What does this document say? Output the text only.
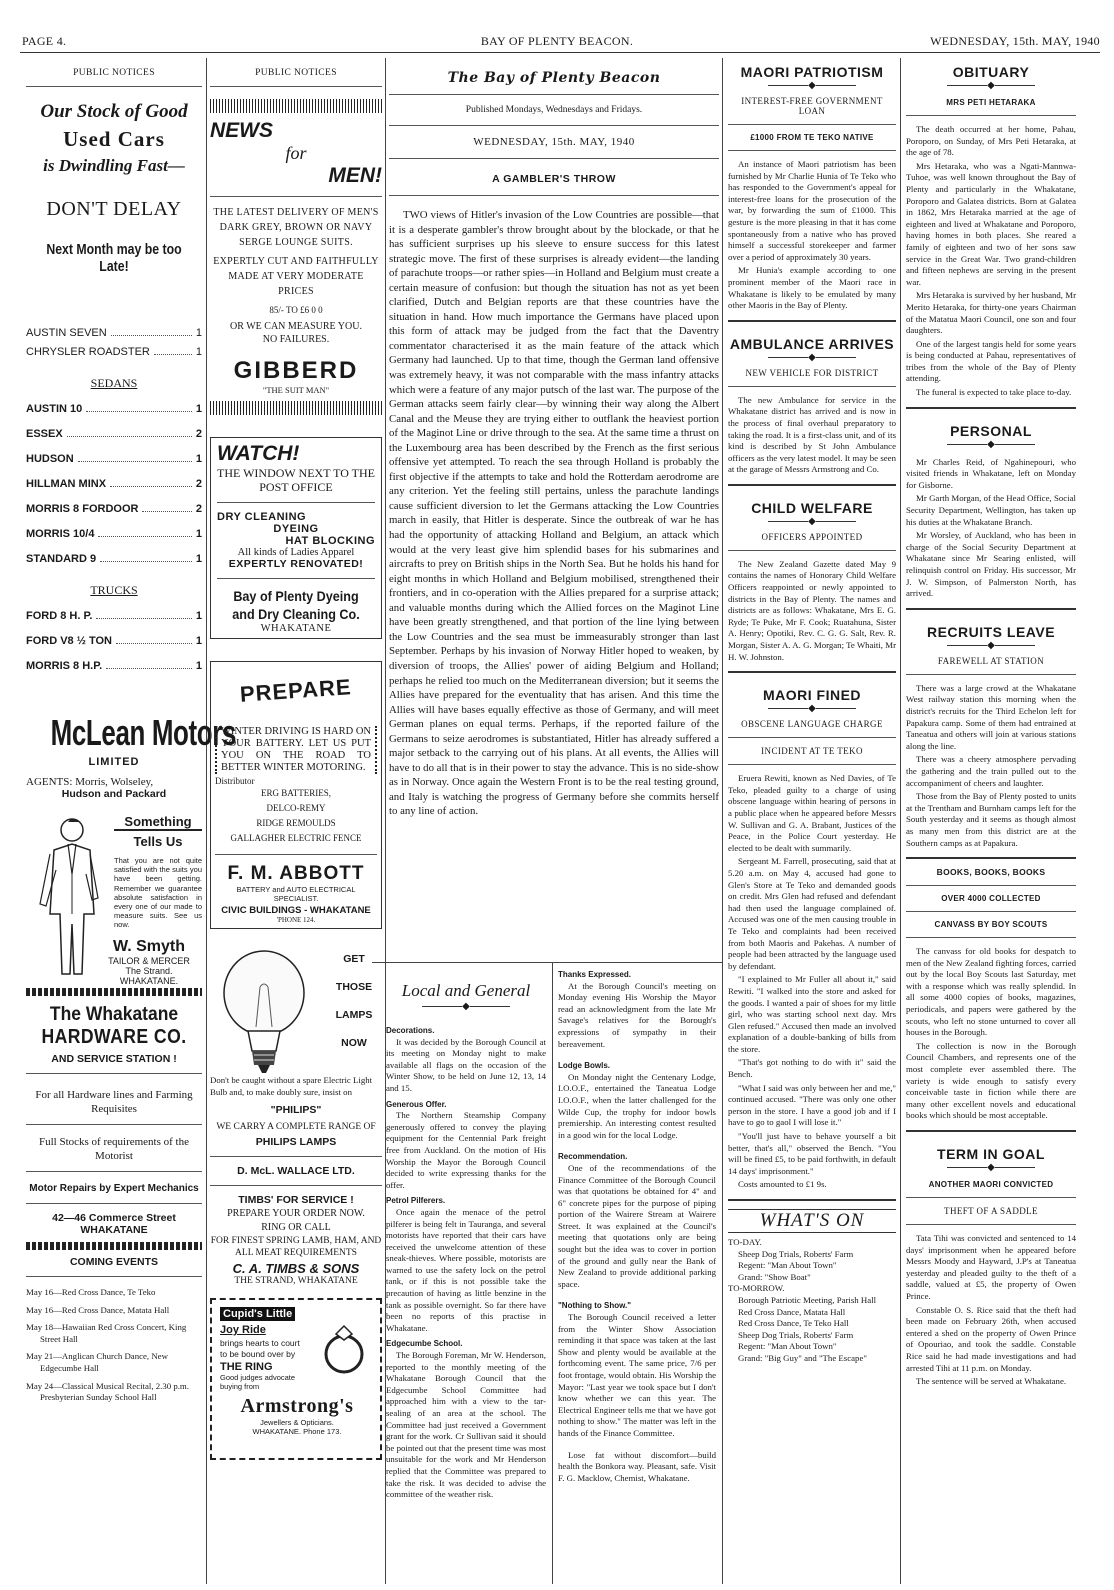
PAGE 4.	BAY OF PLENTY BEACON.	WEDNESDAY, 15th. MAY, 1940
PUBLIC NOTICES
Our Stock of Good
Used Cars
is Dwindling Fast—
DON'T DELAY
Next Month may be too Late!
AUSTIN SEVEN	1
CHRYSLER ROADSTER	1
SEDANS
AUSTIN 10	1
ESSEX	2
HUDSON	1
HILLMAN MINX	2
MORRIS 8 FORDOOR	2
MORRIS 10/4	1
STANDARD 9	1
TRUCKS
FORD 8 H. P.	1
FORD V8 ½ TON	1
MORRIS 8 H.P.	1
McLean Motors
LIMITED
AGENTS: Morris, Wolseley,
Hudson and Packard
Something
Tells Us
That you are not quite satisfied with the suits you have been getting. Remember we guarantee absolute satisfaction in every one of our made to measure suits. See us now.
W. Smyth
TAILOR & MERCER
The Strand.
WHAKATANE.
The Whakatane
HARDWARE CO.
AND SERVICE STATION !
For all Hardware lines and Farming Requisites
Full Stocks of requirements of the Motorist
Motor Repairs by Expert Mechanics
42—46 Commerce Street
WHAKATANE
COMING EVENTS
May 16—Red Cross Dance, Te Teko
May 16—Red Cross Dance, Matata Hall
May 18—Hawaiian Red Cross Concert, King Street Hall
May 21—Anglican Church Dance, New Edgecumbe Hall
May 24—Classical Musical Recital, 2.30 p.m. Presbyterian Sunday School Hall
PUBLIC NOTICES
NEWS
for
MEN!
THE LATEST DELIVERY OF MEN'S DARK GREY, BROWN OR NAVY SERGE LOUNGE SUITS.
EXPERTLY CUT AND FAITHFULLY MADE AT VERY MODERATE PRICES
85/- TO £6 0 0
OR WE CAN MEASURE YOU.
NO FAILURES.
GIBBERD
"THE SUIT MAN"
WATCH!
THE WINDOW NEXT TO THE POST OFFICE
DRY CLEANING
DYEING
HAT BLOCKING
All kinds of Ladies Apparel
EXPERTLY RENOVATED!
Bay of Plenty Dyeing and Dry Cleaning Co.
WHAKATANE
PREPARE
WINTER DRIVING IS HARD ON YOUR BATTERY. LET US PUT YOU ON THE ROAD TO BETTER WINTER MOTORING.
Distributor
ERG BATTERIES,
DELCO-REMY
RIDGE REMOULDS
GALLAGHER ELECTRIC FENCE
F. M. ABBOTT
BATTERY and AUTO ELECTRICAL SPECIALIST.
CIVIC BUILDINGS - WHAKATANE
'PHONE 124.
GET
THOSE
LAMPS
NOW
Don't be caught without a spare Electric Light Bulb and, to make doubly sure, insist on
"PHILIPS"
WE CARRY A COMPLETE RANGE OF
PHILIPS LAMPS
D. McL. WALLACE LTD.
TIMBS' FOR SERVICE !
PREPARE YOUR ORDER NOW.
RING OR CALL
FOR FINEST SPRING LAMB, HAM, AND ALL MEAT REQUIREMENTS
C. A. TIMBS & SONS
THE STRAND, WHAKATANE
Cupid's Little
Joy Ride
brings hearts to court to be bound over by
THE RING
Good judges advocate buying from
Armstrong's
Jewellers & Opticians.
WHAKATANE. Phone 173.
The Bay of Plenty Beacon
Published Mondays, Wednesdays and Fridays.
WEDNESDAY, 15th. MAY, 1940
A GAMBLER'S THROW
TWO views of Hitler's invasion of the Low Countries are possible—that it is a desperate gambler's throw brought about by the blockade, or that he has sufficient surprises up his sleeve to ensure success for this latest strategic move. The first of these surprises is already evident—the landing of parachute troops—or rather spies—in Holland and Belgium must create a certain measure of confusion: but though the situation has not as yet been clarified, Dutch and Belgian reports are that these countries have the situation in hand. How much importance the Germans have placed upon this form of attack may be judged from the fact that the Daventry commentator characterised it as the main feature of the attack which Germany had launched. Up to that time, though the German land offensive was extremely heavy, it was not comparable with the mass infantry attacks which were a feature of any major putsch of the last war. The purpose of the German attacks seem fairly clear—by winning their way along the Albert Canal and the Meuse they are trying either to outflank the heaviest portion of the Maginot Line or drive through to the sea. At the same time a thrust on the Luxembourg area has been described by the French as the first serious offensive yet attempted. To reach the sea through Holland is probably the first objective if the attempts to take and hold the Rotterdam aerodrome are any criterion. Yet the feeling still pertains, unless the parachute landings cause sufficient diversion to let the Germans attacking the Low Countries march in easily, that Hitler is desperate. Since the outbreak of war he has had the opportunity of attacking Holland and Belgium, an attack which would at the very least give him splendid bases for his submarines and aircrafts to prey on British ships in the North Sea. But he holds his hand for eight months in which Holland and Belgium mobilised, strengthened their frontiers, and in co-operation with the Allies prepared for a surprise attack; and valuable months during which the Allied forces on the Maginot Line have been greatly strengthened, and that portion of the line lying between the Low Countries and the sea must be immeasurably stronger than last September. Perhaps by his invasion of Norway Hitler hoped to weaken, by diversion of troops, the Allies' power of aiding Belgium and Holland; perhaps he relied too much on the Mediterranean diversion; but it seems the Allies have prepared for the eventuality that has arisen. And this time the Allies will have bases equally effective as those of Germany, and will meet German planes on equal terms. Perhaps, if the reported failure of the Germans to seize aerodromes is substantiated, Hitler has already suffered a major setback to the carrying out of his plans. At all events, the Allies will have to do all that is in their power to stay the advance. This is no side-show as in Norway. Once again the Western Front is to be the real testing ground, and Italy is watching the progress of Germany before she commits herself to any line of action.
Local and General
◆
Decorations.

It was decided by the Borough Council at its meeting on Monday night to make available all flags on the occasion of the Winter Show, to be held on June 12, 13, 14 and 15.

Generous Offer.

The Northern Steamship Company generously offered to convey the playing equipment for the Centennial Park freight free from Auckland. On the motion of His Worship the Mayor the Borough Council decided to write expressing thanks for the offer.

Petrol Pilferers.

Once again the menace of the petrol pilferer is being felt in Tauranga, and several motorists have reported that their cars have received the unwelcome attention of these sneak-thieves. Where possible, motorists are warned to use the safety lock on the petrol tank, or if this is not possible take the precaution of having as little benzine in the tank as possible overnight. So far there have been no reports of this practise in Whakatane.

Edgecumbe School.

The Borough Foreman, Mr W. Henderson, reported to the monthly meeting of the Whakatane Borough Council that the Edgecumbe School Committee had approached him with a view to the tar-sealing of an area at the school. The Committee had just received a Government grant for the work. Cr Sullivan said it should be pointed out that the present time was most unsuitable for the work and Mr Henderson replied that the Committee was prepared to take the risk. It was decided to advise the committee of the weather risk.

Thanks Expressed.

At the Borough Council's meeting on Monday evening His Worship the Mayor read an acknowledgment from the late Mr Savage's relatives for the Borough's expressions of sympathy in their bereavement.

Lodge Bowls.

On Monday night the Centenary Lodge, I.O.O.F., entertained the Taneatua Lodge I.O.O.F., when the latter challenged for the Wilde Cup, the trophy for indoor bowls premiership. An interesting contest resulted in a good win for the local Lodge.

Recommendation.

One of the recommendations of the Finance Committee of the Borough Council was that quotations be obtained for 4" and 6" concrete pipes for the purpose of piping portion of the Wairere Stream at Wairere Street. It was explained at the Council's meeting that quotations only are being sought but the idea was to cover in portion of the ground and gully near the Bank of New Zealand to provide additional parking space.

"Nothing to Show."

The Borough Council received a letter from the Winter Show Association reminding it that space was taken at the last Show and plenty would be available at the forthcoming event. The same price, 7/6 per foot frontage, would obtain. His Worship the Mayor: "Last year we took space but I don't know whether we can this year. The Electrical Engineer tells me that we have got nothing to show." The matter was left in the hands of the Finance Committee.

Lose fat without discomfort—build health the Bonkora way. Pleasant, safe. Visit F. G. Macklow, Chemist, Whakatane.

MAORI PATRIOTISM
◆
INTEREST-FREE GOVERNMENT LOAN
£1000 FROM TE TEKO NATIVE

An instance of Maori patriotism has been furnished by Mr Charlie Hunia of Te Teko who has responded to the Government's appeal for interest-free loans for the prosecution of the war, by forwarding the sum of £1000. This gesture is the more pleasing in that it has come spontaneously from a native who has proved himself a successful storekeeper and farmer over a period of approximately 30 years.

Mr Hunia's example according to one prominent member of the Maori race in Whakatane is likely to be emulated by many other Maoris in the Bay of Plenty.

AMBULANCE ARRIVES
◆
NEW VEHICLE FOR DISTRICT

The new Ambulance for service in the Whakatane district has arrived and is now in the process of final overhaul preparatory to taking the road. It is a first-class unit, and of its kind is described by St John Ambulance officers as the very latest model. It may be seen at the garage of Messrs Armstrong and Co.

CHILD WELFARE
◆
OFFICERS APPOINTED

The New Zealand Gazette dated May 9 contains the names of Honorary Child Welfare Officers reappointed or newly appointed to districts in the Bay of Plenty. The names and districts are as follows: Whakatane, Mrs E. G. Ryde; Te Puke, Mr F. Cook; Ruatahuna, Sister A. Henry; Opotiki, Rev. C. G. G. Salt, Rev. R. Morgan, Sister A. A. G. Morgan; Te Whaiti, Mr H. W. Johnston.

MAORI FINED
◆
OBSCENE LANGUAGE CHARGE
INCIDENT AT TE TEKO

Eruera Rewiti, known as Ned Davies, of Te Teko, pleaded guilty to a charge of using obscene language within hearing of persons in a public place when he appeared before Messrs W. Sullivan and G. A. Brabant, Justices of the Peace, in the Police Court yesterday. He elected to be dealt with summarily.

Sergeant M. Farrell, prosecuting, said that at 5.20 a.m. on May 4, accused had gone to Glen's Store at Te Teko and demanded goods on credit. Mrs Glen had refused and defendant had then used the language complained of. Accused was one of the men causing trouble in Te Teko and complaints had been received from both Maoris and Pakehas. A number of people had been attracted by the language used by defendant.

"I explained to Mr Fuller all about it," said Rewiti. "I walked into the store and asked for the goods. I wanted a pair of shoes for my little girl, who was starting school next day. Mrs Glen refused." Accused then made an involved explanation of a double-banking of bills from the store.

"That's got nothing to do with it" said the Bench.

"What I said was only between her and me," continued accused. "There was only one other person in the store. I have a good job and if I have to go to gaol I will lose it."

"You'll just have to behave yourself a bit better, that's all," observed the Bench. "You will be fined £5, to be paid forthwith, in default 14 days' imprisonment."

Costs amounted to £1 9s.

WHAT'S ON
TO-DAY.
Sheep Dog Trials, Roberts' Farm
Regent: "Man About Town"
Grand: "Show Boat"
TO-MORROW.
Borough Patriotic Meeting, Parish Hall
Red Cross Dance, Matata Hall
Red Cross Dance, Te Teko Hall
Sheep Dog Trials, Roberts' Farm
Regent: "Man About Town"
Grand: "Big Guy" and "The Escape"
OBITUARY
◆
MRS PETI HETARAKA

The death occurred at her home, Pahau, Poroporo, on Sunday, of Mrs Peti Hetaraka, at the age of 78.

Mrs Hetaraka, who was a Ngati-Mannwa-Tuhoe, was well known throughout the Bay of Plenty and particularly in the Whakatane, Poroporo and Galatea districts. Born at Galatea in 1862, Mrs Hetaraka married at the age of eighteen and lived at Whakatane and Poroporo, having homes in both places. She reared a family of eighteen and two of her sons saw service in the Great War. Two grand-children and fifteen nephews are serving in the present war.

Mrs Hetaraka is survived by her husband, Mr Merito Hetaraka, for thirty-one years Chairman of the Matatua Maori Council, one son and four daughters.

One of the largest tangis held for some years is being conducted at Pahau, representatives of tribes from the whole of the Bay of Plenty attending.

The funeral is expected to take place to-day.

PERSONAL
◆

Mr Charles Reid, of Ngahinepouri, who visited friends in Whakatane, left on Monday for Gisborne.

Mr Garth Morgan, of the Head Office, Social Security Department, Wellington, has taken up his duties at the Whakatane Branch.

Mr Worsley, of Auckland, who has been in charge of the Social Security Department at Whakatane since Mr Searing enlisted, will relinquish control on Friday. His successor, Mr J. W. Simpson, of Palmerston North, has arrived.

RECRUITS LEAVE
◆
FAREWELL AT STATION

There was a large crowd at the Whakatane West railway station this morning when the district's recruits for the Third Echelon left for Papakura camp. Some of them had entrained at Taneatua and others will join at various stations along the line.

There was a cheery atmosphere pervading the gathering and the train pulled out to the accompaniment of cheers and laughter.

Those from the Bay of Plenty posted to units at the Trentham and Burnham camps left for the South yesterday and it seems as though almost as many men from this district are at the Southern camps as at Papakura.

BOOKS, BOOKS, BOOKS
OVER 4000 COLLECTED
CANVASS BY BOY SCOUTS

The canvass for old books for despatch to men of the New Zealand fighting forces, carried out by the local Boy Scouts last Saturday, met with a response which was really splendid. In all some 4000 copies of books, magazines, periodicals, and papers were gathered by the scouts, who left no stone unturned to cover all houses in the Borough.

The collection is now in the Borough Council Chambers, and represents one of the most complete ever assembled there. The variety is wide enough to satisfy every conceivable taste in fiction while there are many other excellent novels and educational books which should be most acceptable.

TERM IN GOAL
◆
ANOTHER MAORI CONVICTED
THEFT OF A SADDLE

Tata Tihi was convicted and sentenced to 14 days' imprisonment when he appeared before Messrs Moody and Hayward, J.P's at Taneatua yesterday and pleaded guilty to the theft of a saddle, valued at £5, the property of Owen Prince.

Constable O. S. Rice said that the theft had been made on February 26th, when accused entered a shed on the property of Owen Prince of Opouriao, and took the saddle. Constable Rice said he had made investigations and had arrested Tihi at 11 p.m. on Monday.

The sentence will be served at Whakatane.
